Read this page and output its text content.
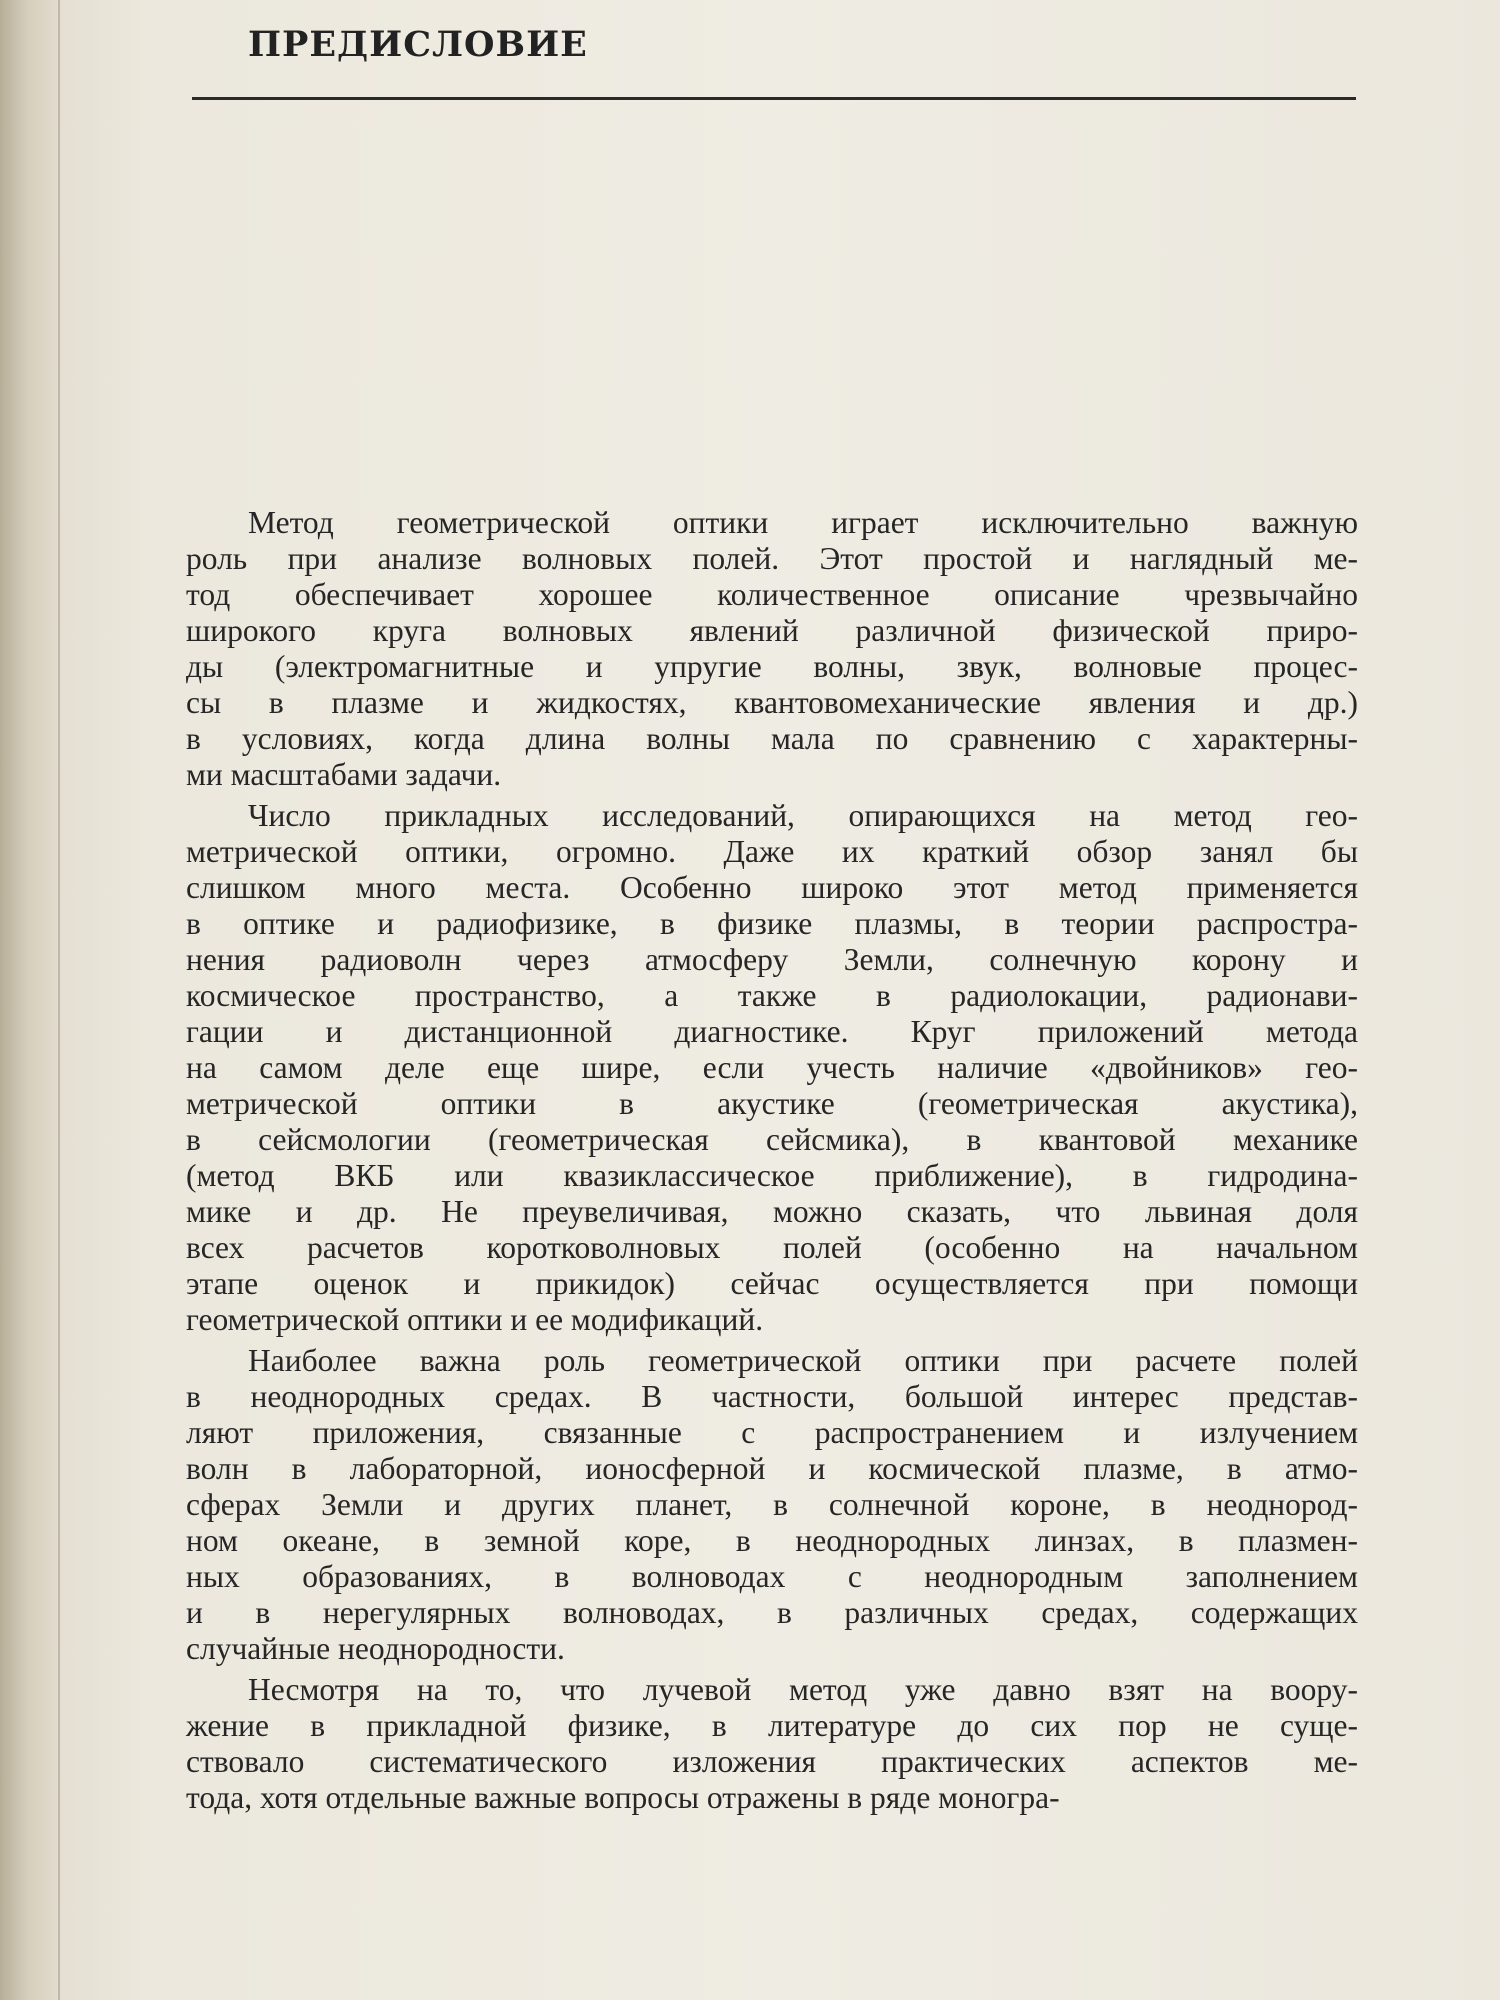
ПРЕДИСЛОВИЕ
Метод геометрической оптики играет исключительно важную
роль при анализе волновых полей. Этот простой и наглядный ме-
тод обеспечивает хорошее количественное описание чрезвычайно
широкого круга волновых явлений различной физической приро-
ды (электромагнитные и упругие волны, звук, волновые процес-
сы в плазме и жидкостях, квантовомеханические явления и др.)
в условиях, когда длина волны мала по сравнению с характерны-
ми масштабами задачи.
Число прикладных исследований, опирающихся на метод гео-
метрической оптики, огромно. Даже их краткий обзор занял бы
слишком много места. Особенно широко этот метод применяется
в оптике и радиофизике, в физике плазмы, в теории распростра-
нения радиоволн через атмосферу Земли, солнечную корону и
космическое пространство, а также в радиолокации, радионави-
гации и дистанционной диагностике. Круг приложений метода
на самом деле еще шире, если учесть наличие «двойников» гео-
метрической оптики в акустике (геометрическая акустика),
в сейсмологии (геометрическая сейсмика), в квантовой механике
(метод ВКБ или квазиклассическое приближение), в гидродина-
мике и др. Не преувеличивая, можно сказать, что львиная доля
всех расчетов коротковолновых полей (особенно на начальном
этапе оценок и прикидок) сейчас осуществляется при помощи
геометрической оптики и ее модификаций.
Наиболее важна роль геометрической оптики при расчете полей
в неоднородных средах. В частности, большой интерес представ-
ляют приложения, связанные с распространением и излучением
волн в лабораторной, ионосферной и космической плазме, в атмо-
сферах Земли и других планет, в солнечной короне, в неоднород-
ном океане, в земной коре, в неоднородных линзах, в плазмен-
ных образованиях, в волноводах с неоднородным заполнением
и в нерегулярных волноводах, в различных средах, содержащих
случайные неоднородности.
Несмотря на то, что лучевой метод уже давно взят на воору-
жение в прикладной физике, в литературе до сих пор не суще-
ствовало систематического изложения практических аспектов ме-
тода, хотя отдельные важные вопросы отражены в ряде моногра-
